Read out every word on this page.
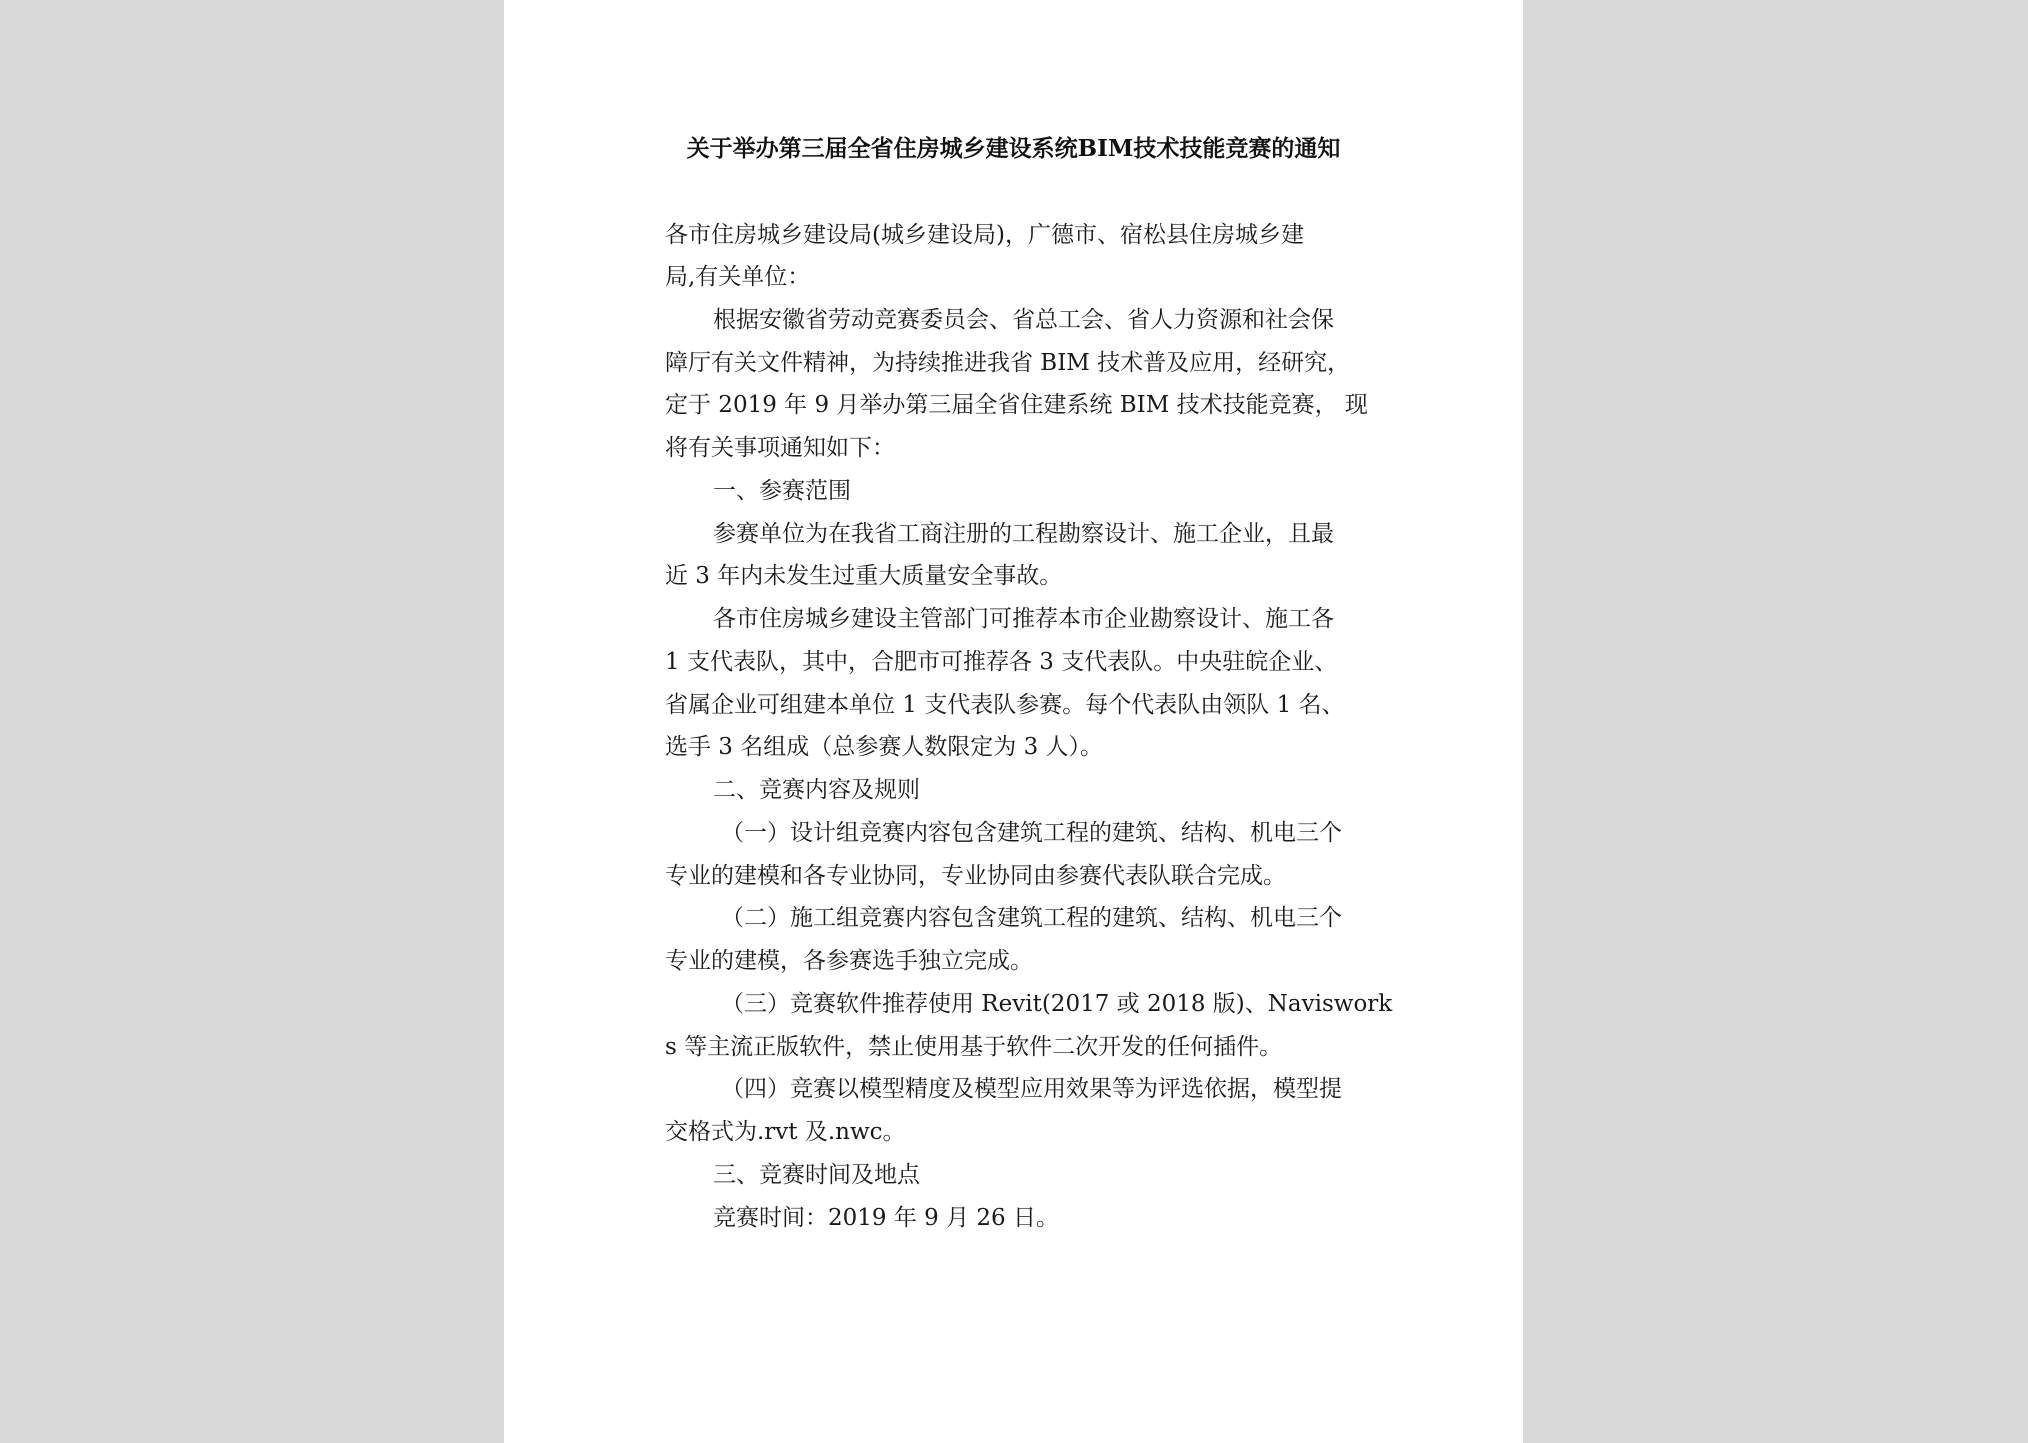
关于举办第三届全省住房城乡建设系统BIM技术技能竞赛的通知
各市住房城乡建设局(城乡建设局)，广德市、宿松县住房城乡建
局,有关单位：
根据安徽省劳动竞赛委员会、省总工会、省人力资源和社会保
障厅有关文件精神，为持续推进我省 BIM 技术普及应用，经研究，
定于 2019 年 9 月举办第三届全省住建系统 BIM 技术技能竞赛， 现
将有关事项通知如下：
一、参赛范围
参赛单位为在我省工商注册的工程勘察设计、施工企业，且最
近 3 年内未发生过重大质量安全事故。
各市住房城乡建设主管部门可推荐本市企业勘察设计、施工各
1 支代表队，其中，合肥市可推荐各 3 支代表队。中央驻皖企业、
省属企业可组建本单位 1 支代表队参赛。每个代表队由领队 1 名、
选手 3 名组成（总参赛人数限定为 3 人）。
二、竞赛内容及规则
（一）设计组竞赛内容包含建筑工程的建筑、结构、机电三个
专业的建模和各专业协同，专业协同由参赛代表队联合完成。
（二）施工组竞赛内容包含建筑工程的建筑、结构、机电三个
专业的建模，各参赛选手独立完成。
（三）竞赛软件推荐使用 Revit(2017 或 2018 版)、Naviswork
s 等主流正版软件，禁止使用基于软件二次开发的任何插件。
（四）竞赛以模型精度及模型应用效果等为评选依据，模型提
交格式为.rvt 及.nwc。
三、竞赛时间及地点
竞赛时间：2019 年 9 月 26 日。
